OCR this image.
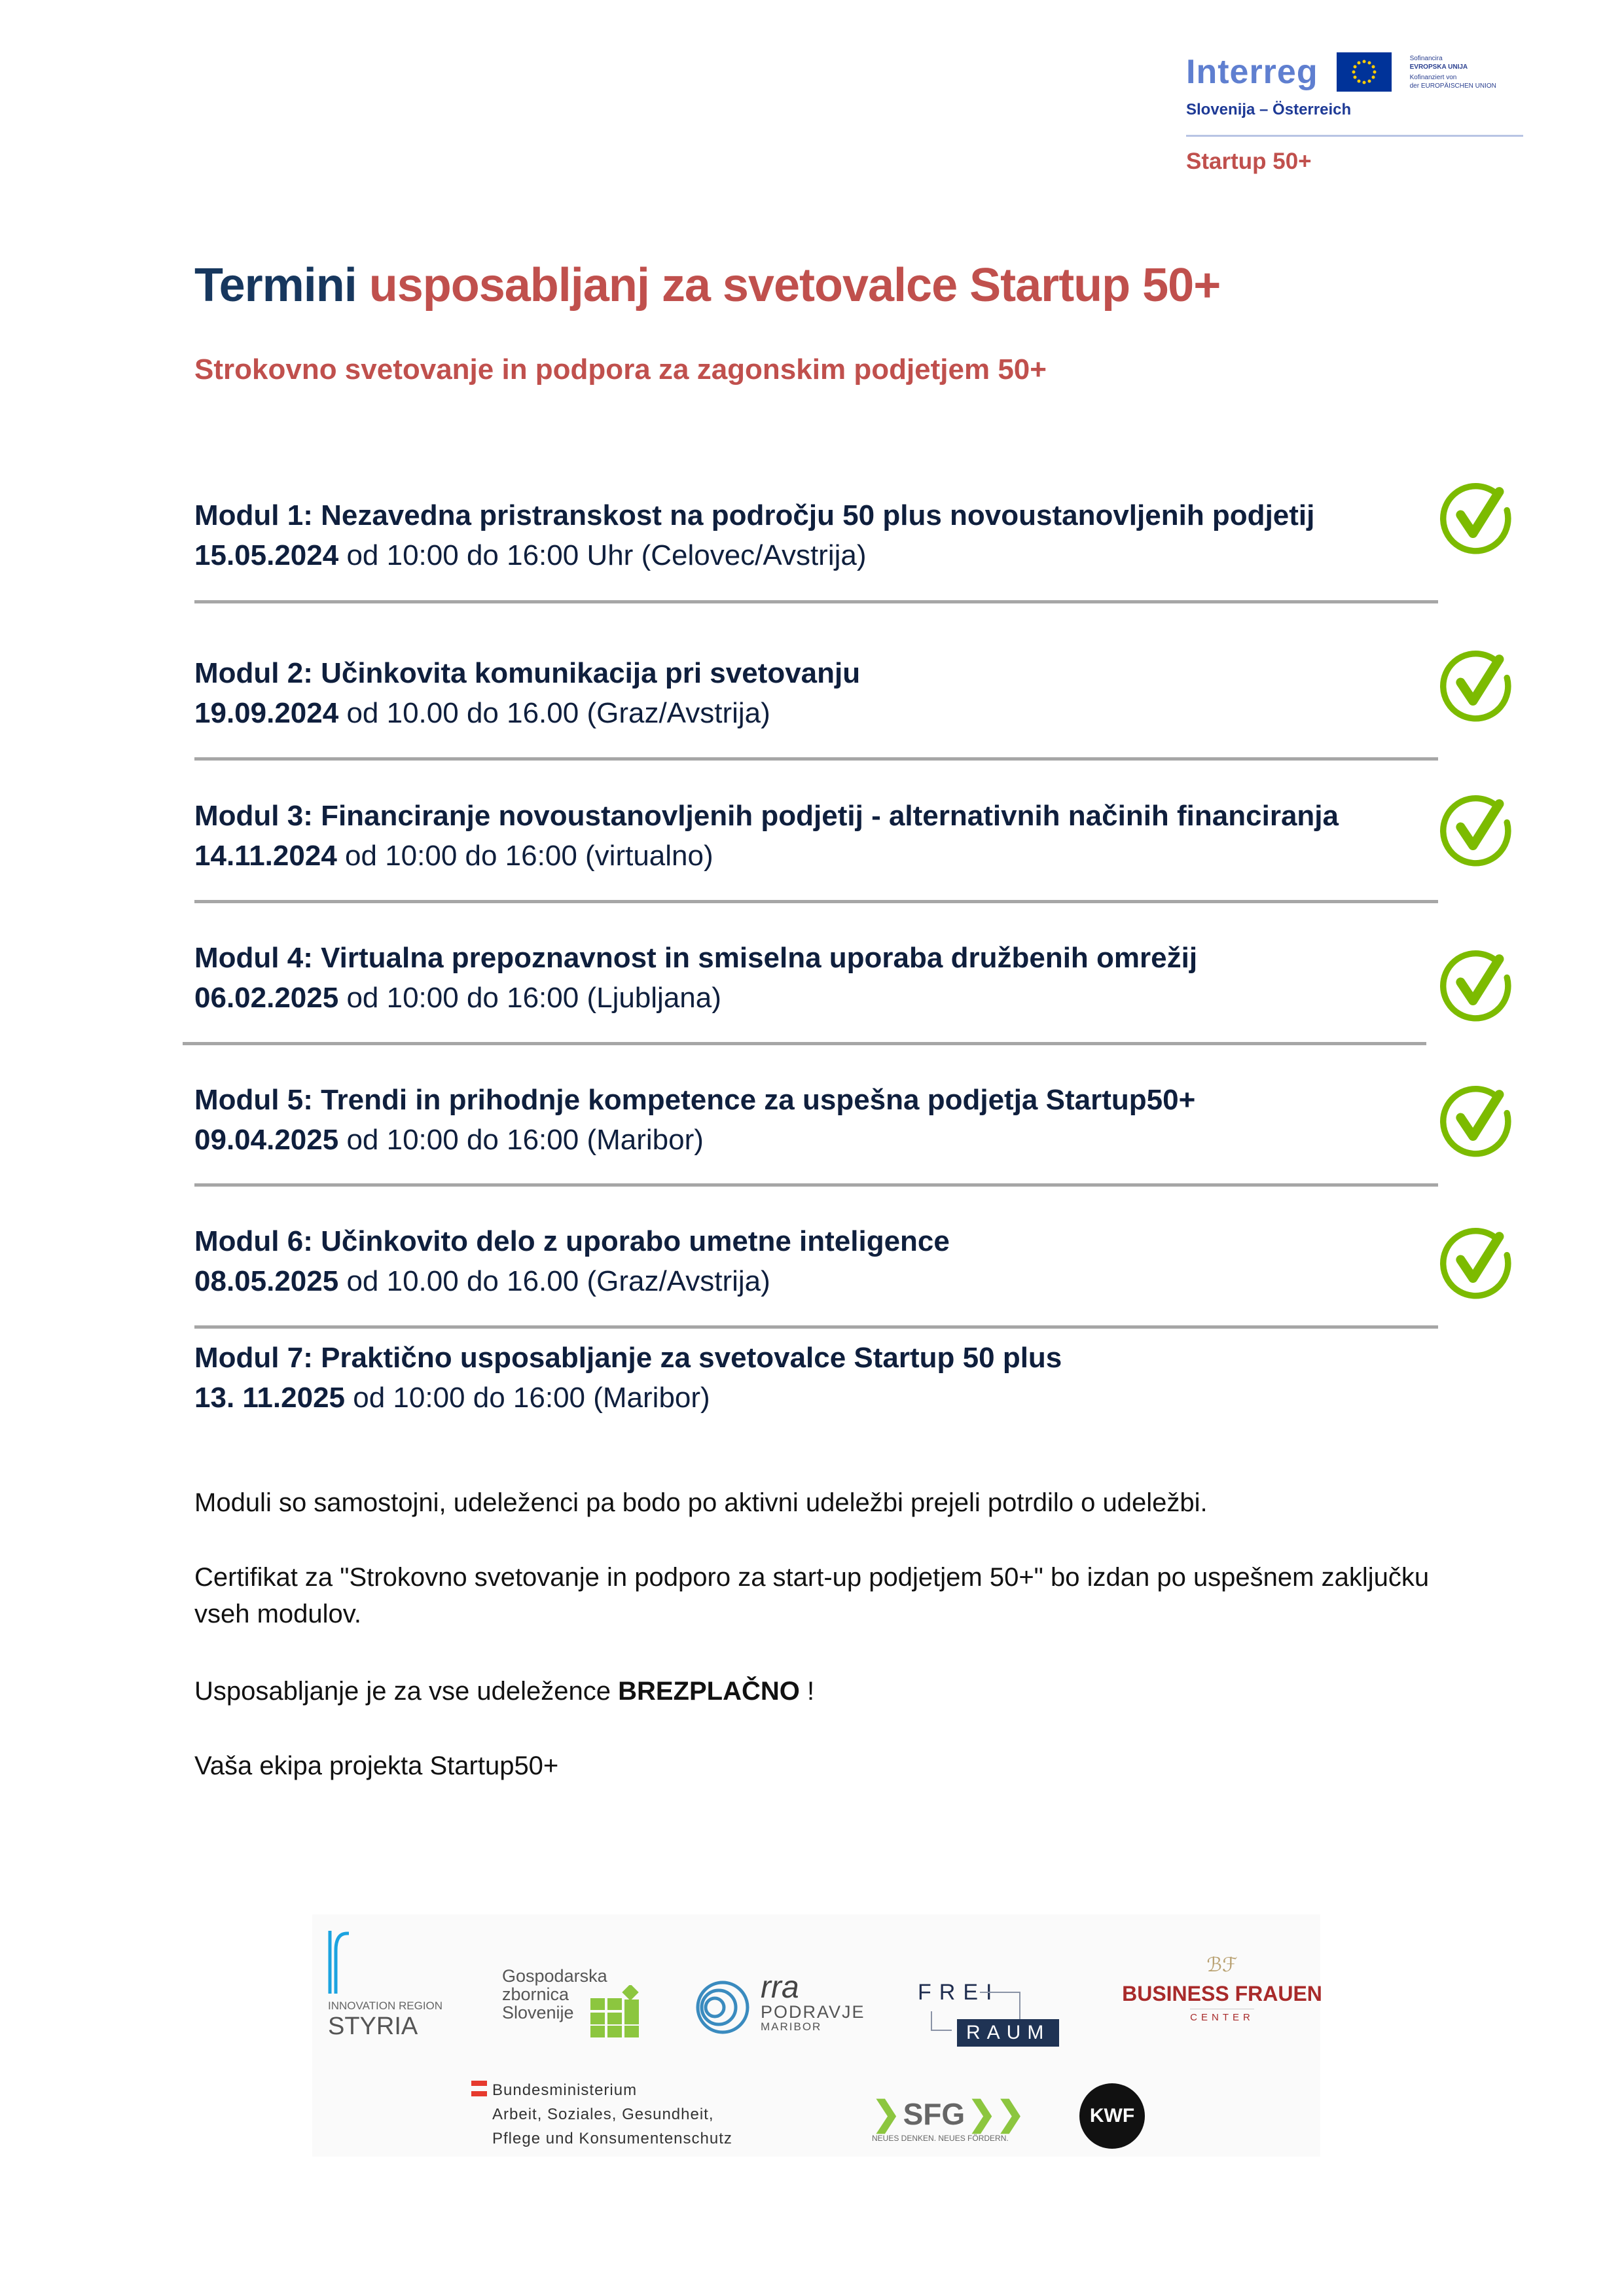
Interreg	Sofinancira
EVROPSKA UNIJA
Kofinanziert von
der EUROPÄISCHEN UNION
Slovenija – Österreich
Startup 50+
Termini usposabljanj za svetovalce Startup 50+
Strokovno svetovanje in podpora za zagonskim podjetjem 50+
Modul 1: Nezavedna pristranskost na področju 50 plus novoustanovljenih podjetij
15.05.2024 od 10:00 do 16:00 Uhr (Celovec/Avstrija)
Modul 2: Učinkovita komunikacija pri svetovanju
19.09.2024 od 10.00 do 16.00 (Graz/Avstrija)
Modul 3: Financiranje novoustanovljenih podjetij - alternativnih načinih financiranja
14.11.2024 od 10:00 do 16:00 (virtualno)
Modul 4: Virtualna prepoznavnost in smiselna uporaba družbenih omrežij
06.02.2025 od 10:00 do 16:00 (Ljubljana)
Modul 5: Trendi in prihodnje kompetence za uspešna podjetja Startup50+
09.04.2025 od 10:00 do 16:00 (Maribor)
Modul 6: Učinkovito delo z uporabo umetne inteligence
08.05.2025 od 10.00 do 16.00 (Graz/Avstrija)
Modul 7: Praktično usposabljanje za svetovalce Startup 50 plus
13. 11.2025 od 10:00 do 16:00 (Maribor)
Moduli so samostojni, udeleženci pa bodo po aktivni udeležbi prejeli potrdilo o udeležbi.
Certifikat za "Strokovno svetovanje in podporo za start-up podjetjem 50+" bo izdan po uspešnem zaključku vseh modulov.
Usposabljanje je za vse udeležence BREZPLAČNO !
Vaša ekipa projekta Startup50+
INNOVATION REGION
STYRIA
Gospodarska
zbornica
Slovenije
rra
PODRAVJE
MARIBOR
FREI
RAUM
ℬℱ
BUSINESS FRAUEN
CENTER
Bundesministerium
Arbeit, Soziales, Gesundheit,
Pflege und Konsumentenschutz
❯ SFG ❯❯
NEUES DENKEN. NEUES FÖRDERN.
KWF
